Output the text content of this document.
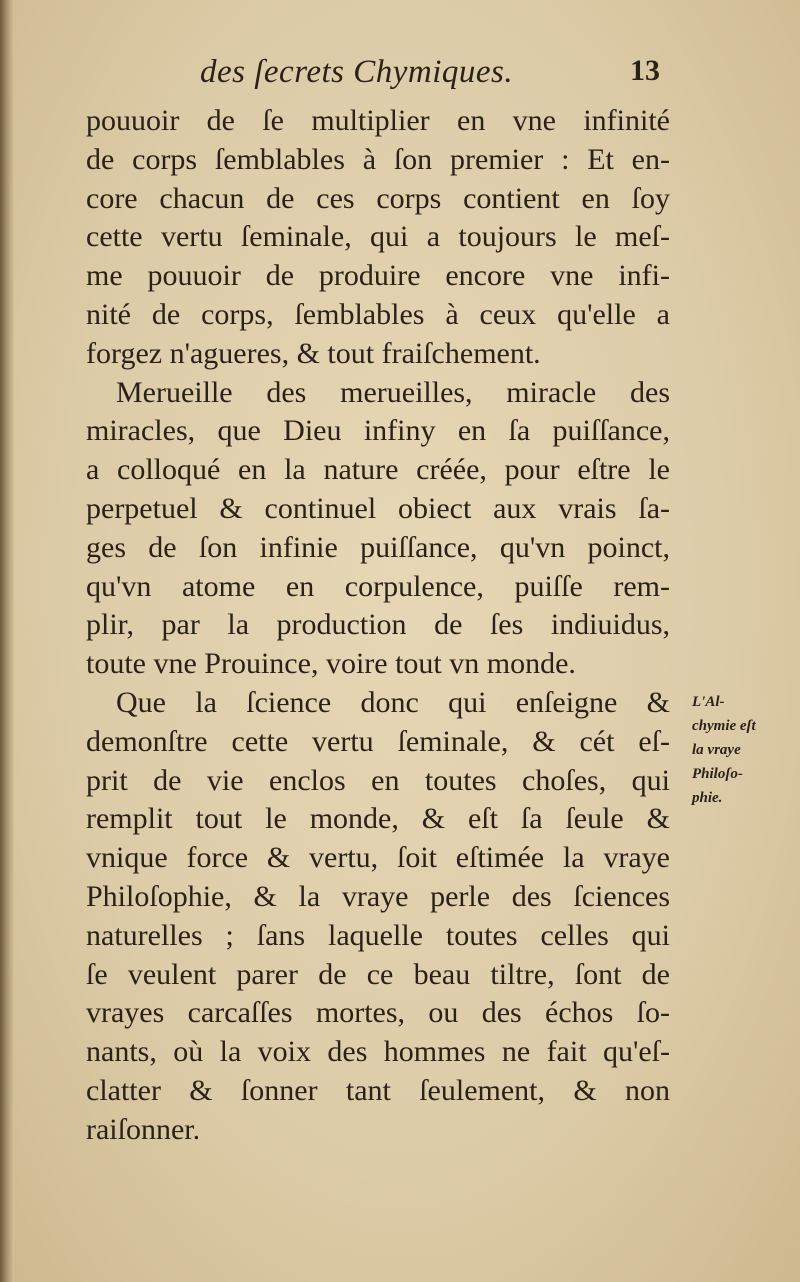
des ſecrets Chymiques.	13
pouuoir de ſe multiplier en vne infinité
de corps ſemblables à ſon premier : Et en-
core chacun de ces corps contient en ſoy
cette vertu ſeminale, qui a toujours le meſ-
me pouuoir de produire encore vne infi-
nité de corps, ſemblables à ceux qu'elle a
forgez n'agueres, & tout fraiſchement.
Merueille des merueilles, miracle des
miracles, que Dieu infiny en ſa puiſſance,
a colloqué en la nature créée, pour eſtre le
perpetuel & continuel obiect aux vrais ſa-
ges de ſon infinie puiſſance, qu'vn poinct,
qu'vn atome en corpulence, puiſſe rem-
plir, par la production de ſes indiuidus,
toute vne Prouince, voire tout vn monde.
Que la ſcience donc qui enſeigne &
demonſtre cette vertu ſeminale, & cét eſ-
prit de vie enclos en toutes choſes, qui
remplit tout le monde, & eſt ſa ſeule &
vnique force & vertu, ſoit eſtimée la vraye
Philoſophie, & la vraye perle des ſciences
naturelles ; ſans laquelle toutes celles qui
ſe veulent parer de ce beau tiltre, ſont de
vrayes carcaſſes mortes, ou des échos ſo-
nants, où la voix des hommes ne fait qu'eſ-
clatter & ſonner tant ſeulement, & non
raiſonner.
L'Al-
chymie eſt
la vraye
Philoſo-
phie.
